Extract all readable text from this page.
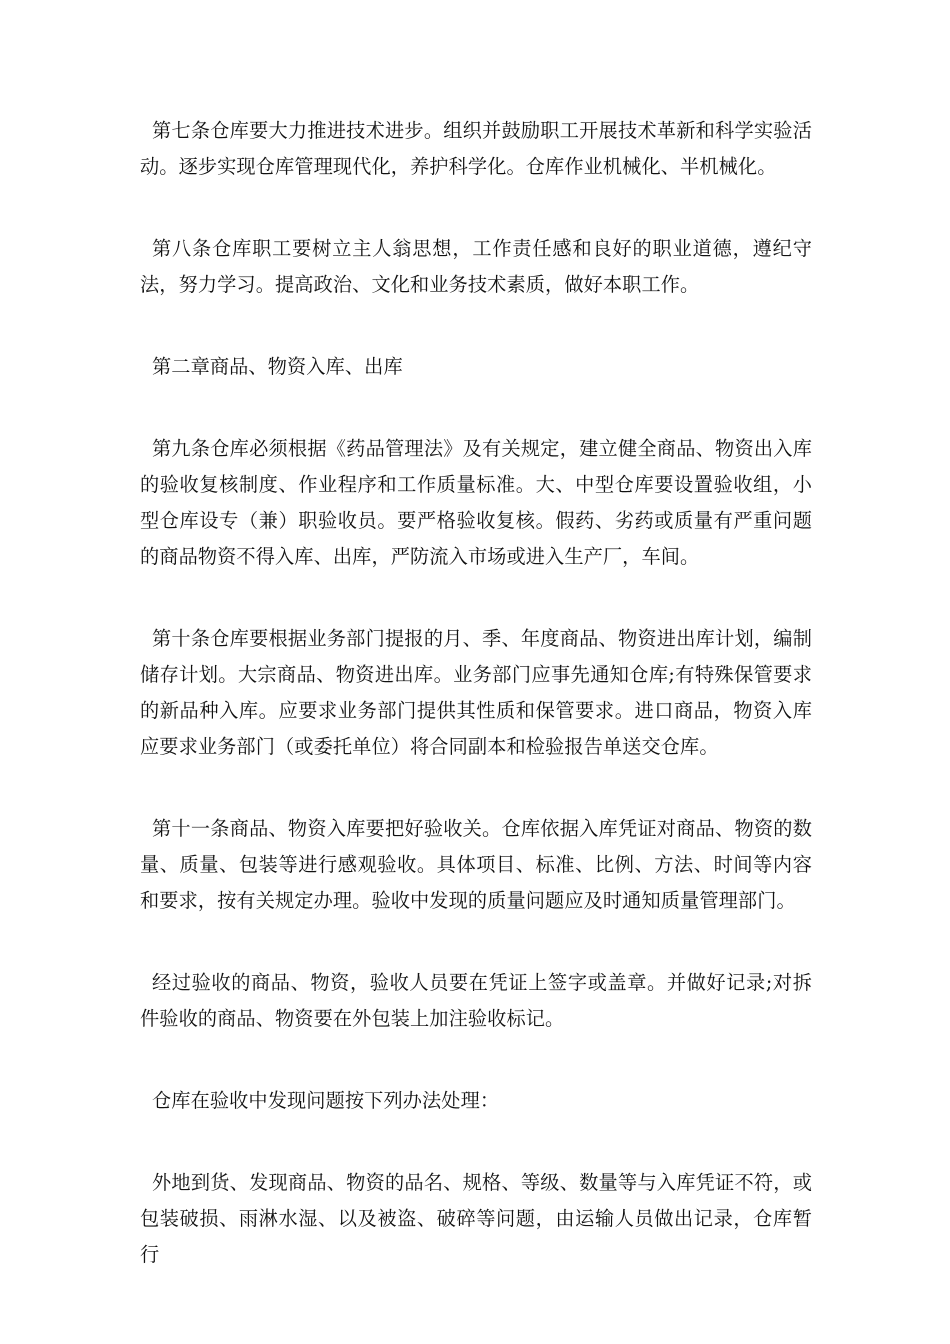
第七条仓库要大力推进技术进步。组织并鼓励职工开展技术革新和科学实验活动。逐步实现仓库管理现代化，养护科学化。仓库作业机械化、半机械化。

第八条仓库职工要树立主人翁思想，工作责任感和良好的职业道德，遵纪守法，努力学习。提高政治、文化和业务技术素质，做好本职工作。

第二章商品、物资入库、出库

第九条仓库必须根据《药品管理法》及有关规定，建立健全商品、物资出入库的验收复核制度、作业程序和工作质量标准。大、中型仓库要设置验收组，小型仓库设专（兼）职验收员。要严格验收复核。假药、劣药或质量有严重问题的商品物资不得入库、出库，严防流入市场或进入生产厂，车间。

第十条仓库要根据业务部门提报的月、季、年度商品、物资进出库计划，编制储存计划。大宗商品、物资进出库。业务部门应事先通知仓库;有特殊保管要求的新品种入库。应要求业务部门提供其性质和保管要求。进口商品，物资入库应要求业务部门（或委托单位）将合同副本和检验报告单送交仓库。

第十一条商品、物资入库要把好验收关。仓库依据入库凭证对商品、物资的数量、质量、包装等进行感观验收。具体项目、标准、比例、方法、时间等内容和要求，按有关规定办理。验收中发现的质量问题应及时通知质量管理部门。

经过验收的商品、物资，验收人员要在凭证上签字或盖章。并做好记录;对拆件验收的商品、物资要在外包装上加注验收标记。

仓库在验收中发现问题按下列办法处理：

外地到货、发现商品、物资的品名、规格、等级、数量等与入库凭证不符，或包装破损、雨淋水湿、以及被盗、破碎等问题，由运输人员做出记录，仓库暂行
